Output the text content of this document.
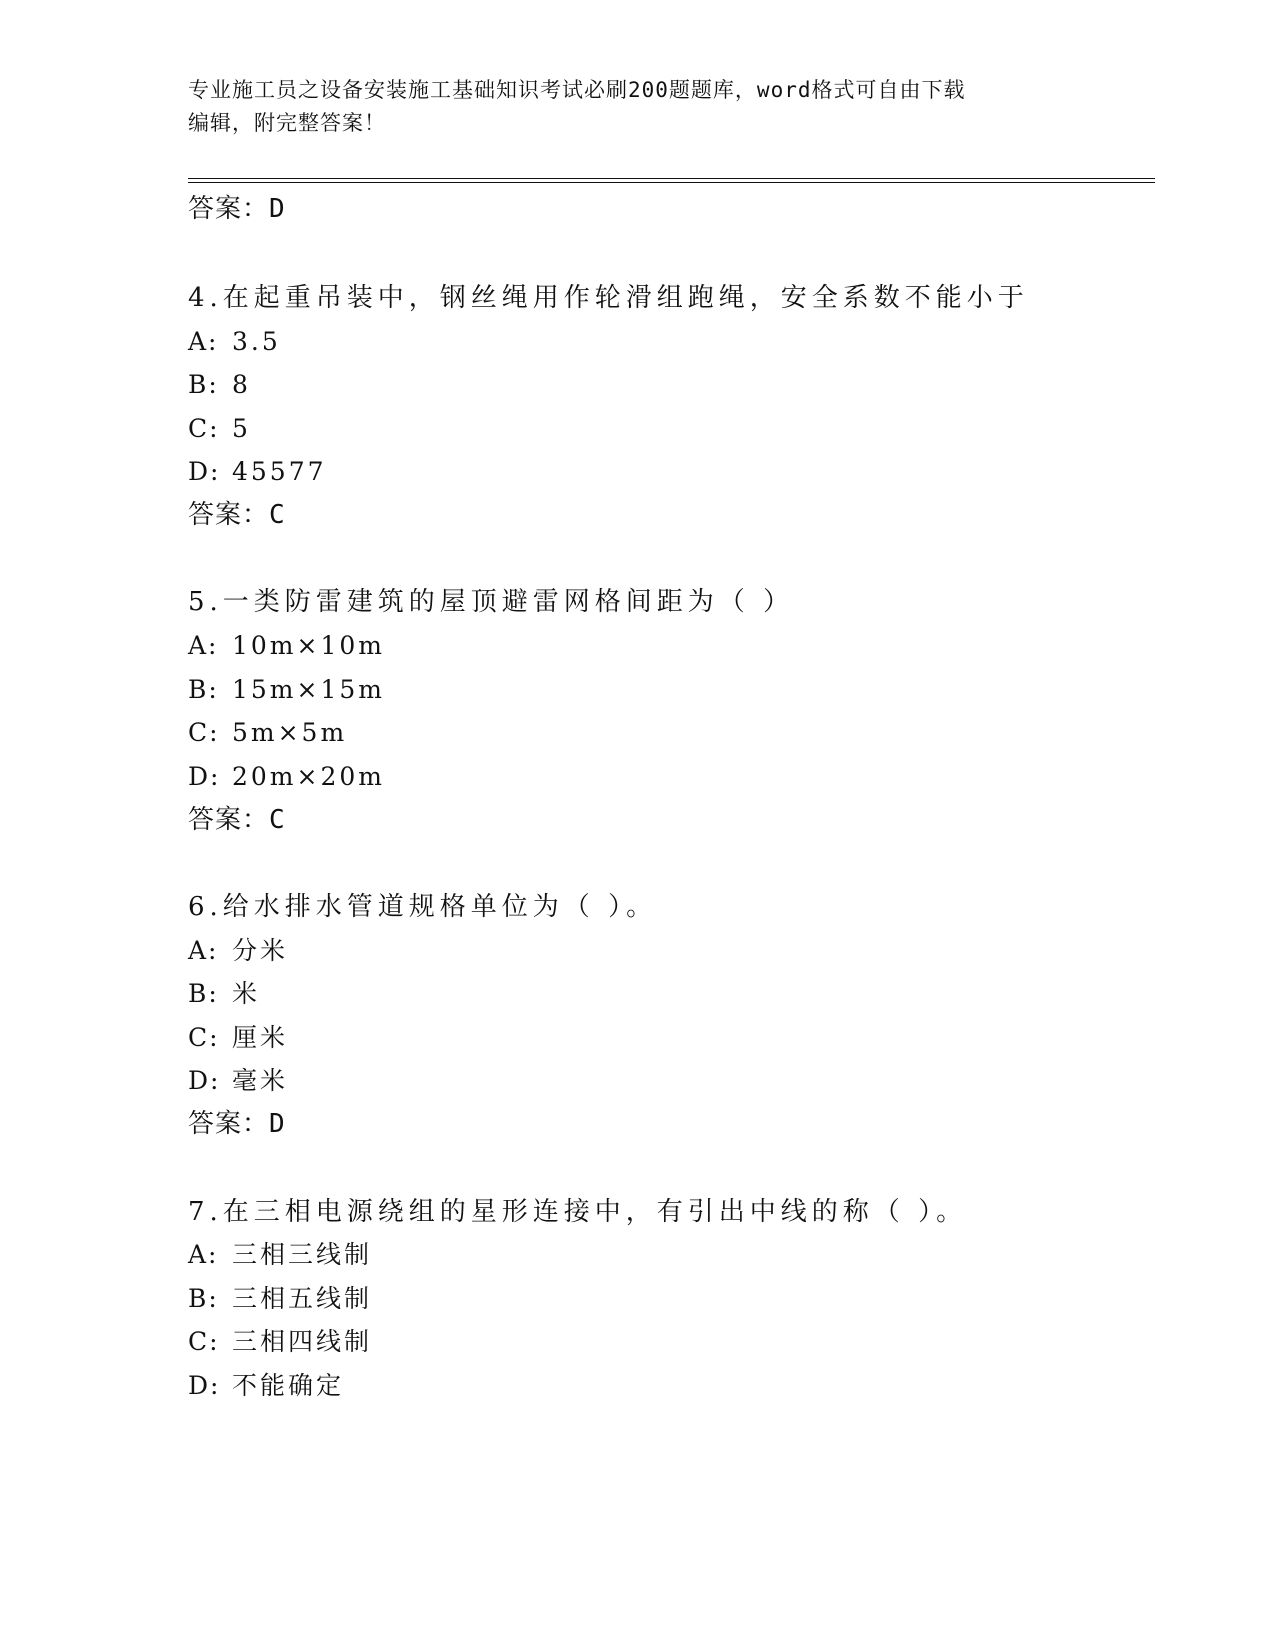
专业施工员之设备安装施工基础知识考试必刷200题题库，word格式可自由下载
编辑，附完整答案！
答案：D
4.在起重吊装中，钢丝绳用作轮滑组跑绳，安全系数不能小于
A: 3.5
B: 8
C: 5
D: 45577
答案：C
5.一类防雷建筑的屋顶避雷网格间距为（ ）
A: 10m×10m
B: 15m×15m
C: 5m×5m
D: 20m×20m
答案：C
6.给水排水管道规格单位为（ ）。
A: 分米
B: 米
C: 厘米
D: 毫米
答案：D
7.在三相电源绕组的星形连接中，有引出中线的称（ ）。
A: 三相三线制
B: 三相五线制
C: 三相四线制
D: 不能确定
